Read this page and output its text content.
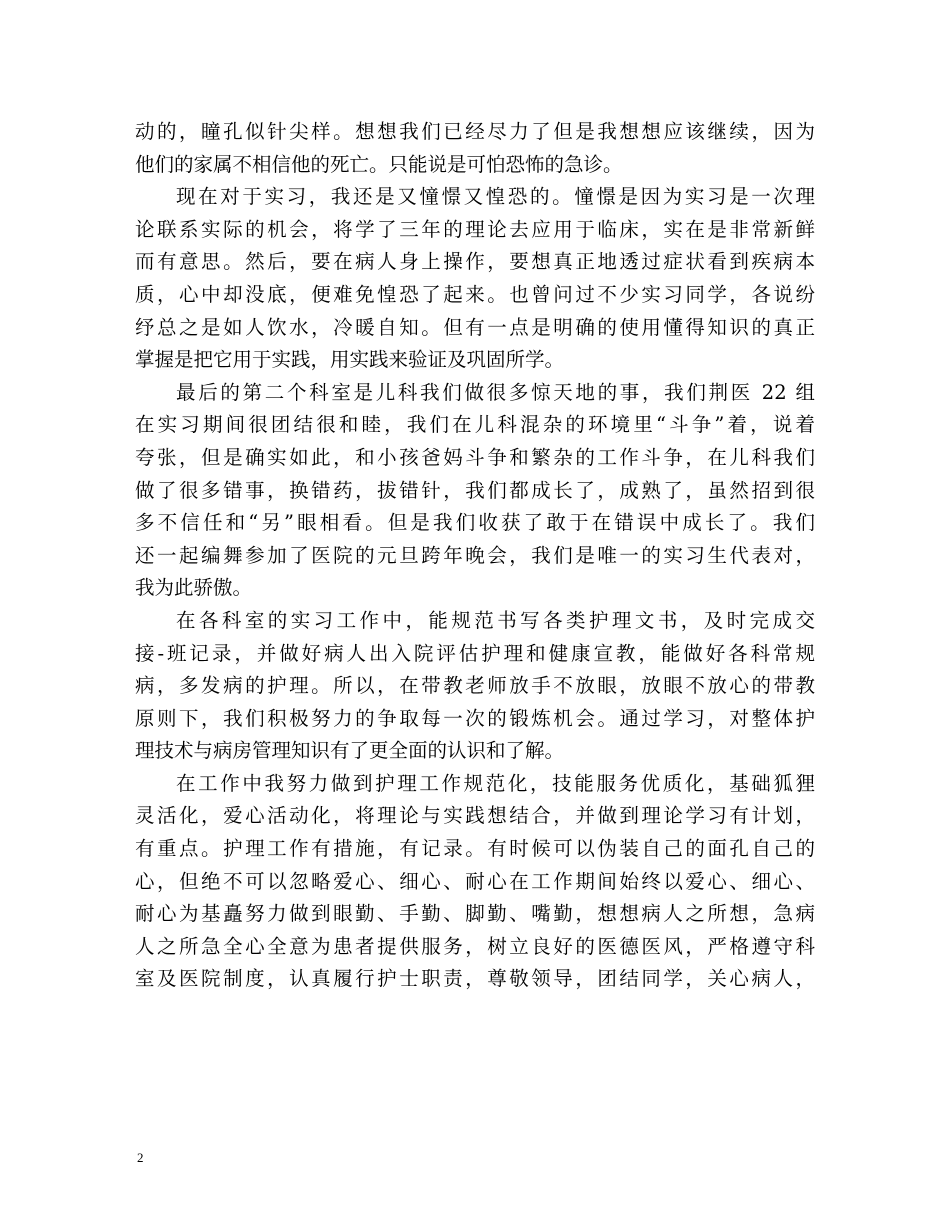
动的，瞳孔似针尖样。想想我们已经尽力了但是我想想应该继续，因为
他们的家属不相信他的死亡。只能说是可怕恐怖的急诊。
现在对于实习，我还是又憧憬又惶恐的。憧憬是因为实习是一次理
论联系实际的机会，将学了三年的理论去应用于临床，实在是非常新鲜
而有意思。然后，要在病人身上操作，要想真正地透过症状看到疾病本
质，心中却没底，便难免惶恐了起来。也曾问过不少实习同学，各说纷
纾总之是如人饮水，冷暖自知。但有一点是明确的使用懂得知识的真正
掌握是把它用于实践，用实践来验证及巩固所学。
最后的第二个科室是儿科我们做很多惊天地的事，我们荆医 22 组
在实习期间很团结很和睦，我们在儿科混杂的环境里“斗争”着，说着
夸张，但是确实如此，和小孩爸妈斗争和繁杂的工作斗争，在儿科我们
做了很多错事，换错药，拔错针，我们都成长了，成熟了，虽然招到很
多不信任和“另”眼相看。但是我们收获了敢于在错误中成长了。我们
还一起编舞参加了医院的元旦跨年晚会，我们是唯一的实习生代表对，
我为此骄傲。
在各科室的实习工作中，能规范书写各类护理文书，及时完成交
接-班记录，并做好病人出入院评估护理和健康宣教，能做好各科常规
病，多发病的护理。所以，在带教老师放手不放眼，放眼不放心的带教
原则下，我们积极努力的争取每一次的锻炼机会。通过学习，对整体护
理技术与病房管理知识有了更全面的认识和了解。
在工作中我努力做到护理工作规范化，技能服务优质化，基础狐狸
灵活化，爱心活动化，将理论与实践想结合，并做到理论学习有计划，
有重点。护理工作有措施，有记录。有时候可以伪装自己的面孔自己的
心，但绝不可以忽略爱心、细心、耐心在工作期间始终以爱心、细心、
耐心为基矗努力做到眼勤、手勤、脚勤、嘴勤，想想病人之所想，急病
人之所急全心全意为患者提供服务，树立良好的医德医风，严格遵守科
室及医院制度，认真履行护士职责，尊敬领导，团结同学，关心病人，
2
